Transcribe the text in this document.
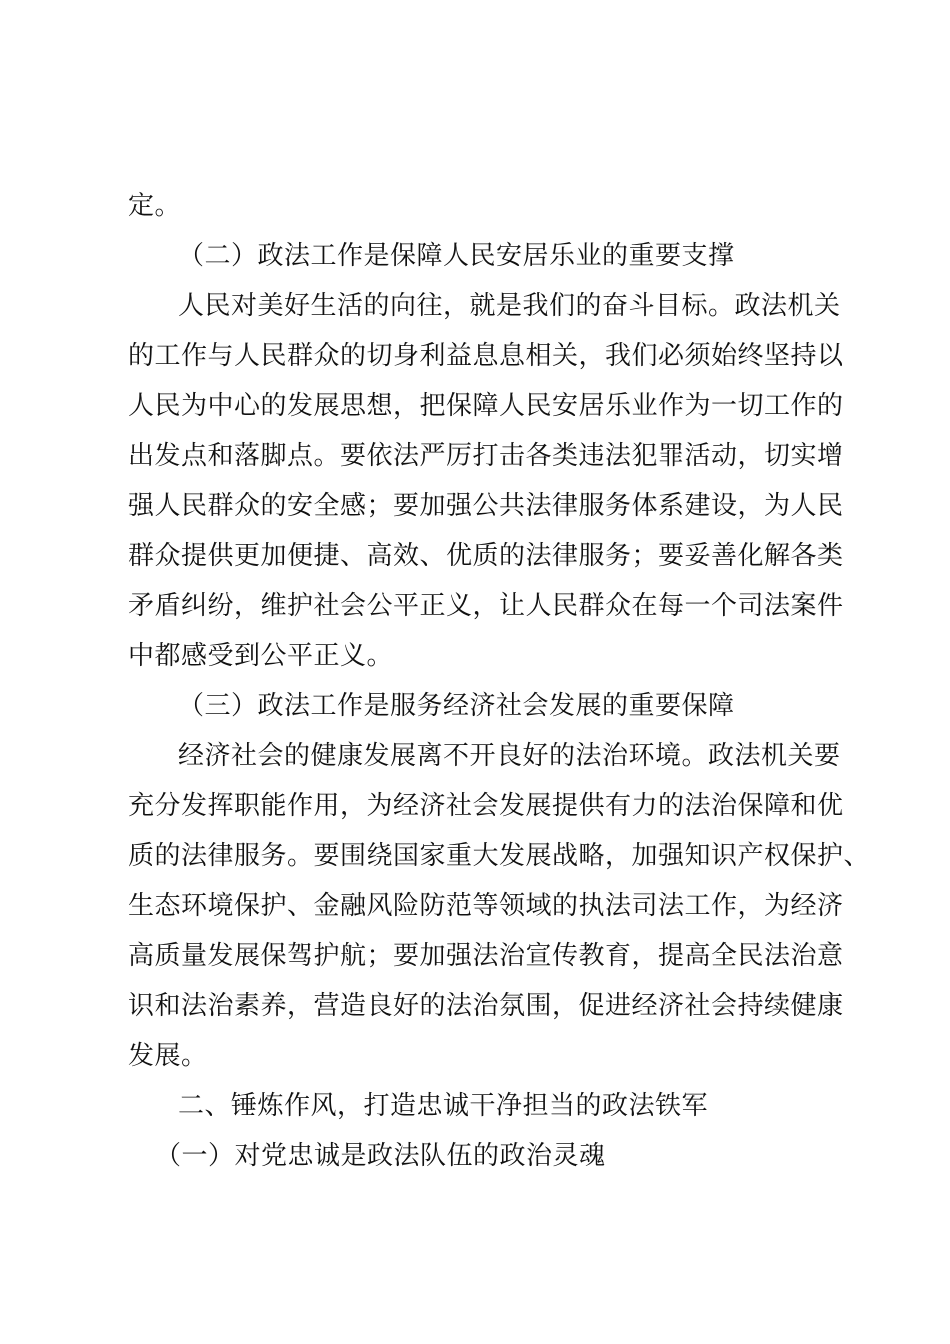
定。
（二）政法工作是保障人民安居乐业的重要支撑
人民对美好生活的向往，就是我们的奋斗目标。政法机关
的工作与人民群众的切身利益息息相关，我们必须始终坚持以
人民为中心的发展思想，把保障人民安居乐业作为一切工作的
出发点和落脚点。要依法严厉打击各类违法犯罪活动，切实增
强人民群众的安全感；要加强公共法律服务体系建设，为人民
群众提供更加便捷、高效、优质的法律服务；要妥善化解各类
矛盾纠纷，维护社会公平正义，让人民群众在每一个司法案件
中都感受到公平正义。
（三）政法工作是服务经济社会发展的重要保障
经济社会的健康发展离不开良好的法治环境。政法机关要
充分发挥职能作用，为经济社会发展提供有力的法治保障和优
质的法律服务。要围绕国家重大发展战略，加强知识产权保护、
生态环境保护、金融风险防范等领域的执法司法工作，为经济
高质量发展保驾护航；要加强法治宣传教育，提高全民法治意
识和法治素养，营造良好的法治氛围，促进经济社会持续健康
发展。
二、锤炼作风，打造忠诚干净担当的政法铁军
（一）对党忠诚是政法队伍的政治灵魂
